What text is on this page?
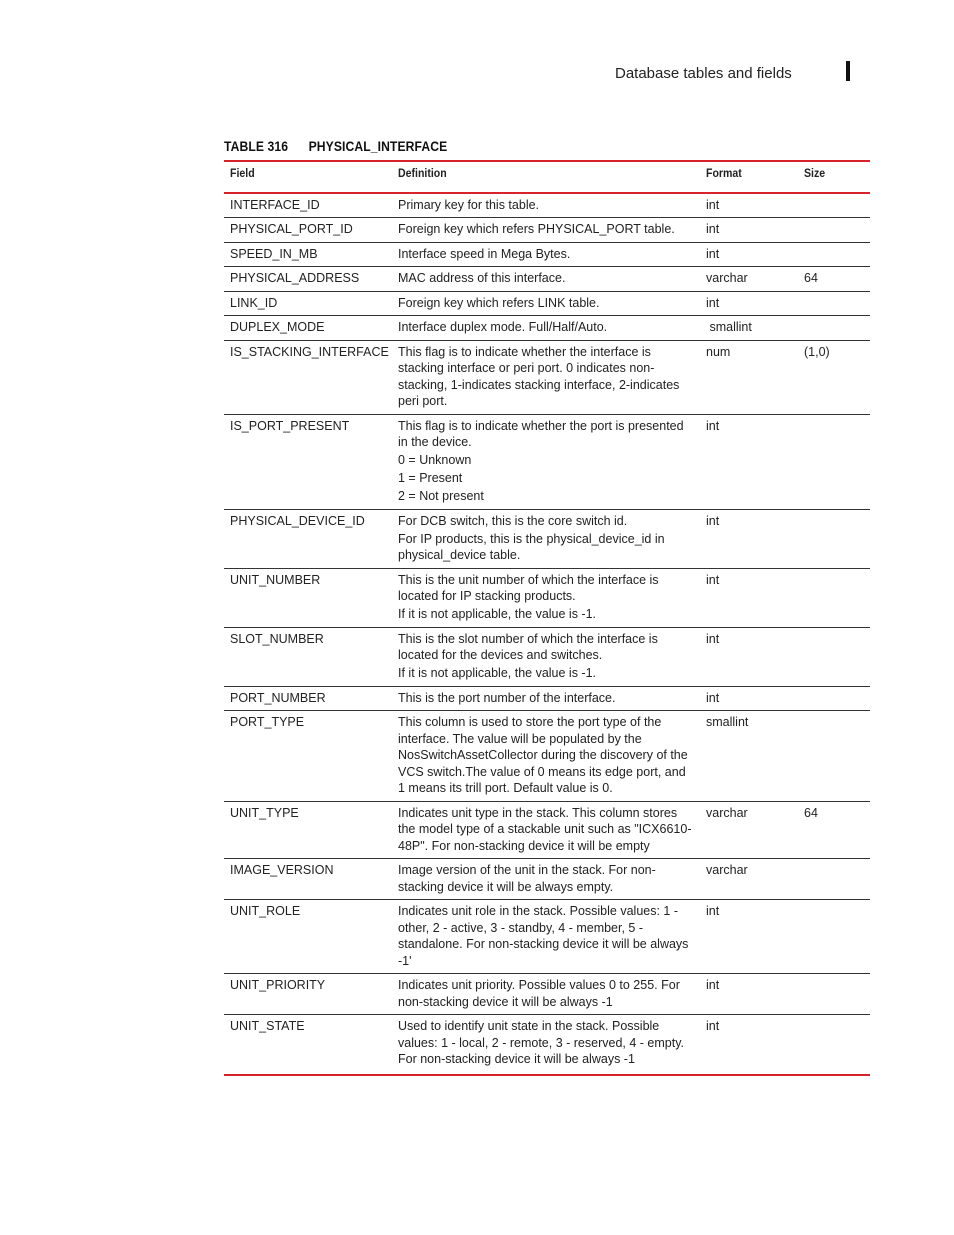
Database tables and fields
TABLE 316 PHYSICAL_INTERFACE
Field	Definition	Format	Size
INTERFACE_ID	Primary key for this table.	int	
PHYSICAL_PORT_ID	Foreign key which refers PHYSICAL_PORT table.	int	
SPEED_IN_MB	Interface speed in Mega Bytes.	int	
PHYSICAL_ADDRESS	MAC address of this interface.	varchar	64
LINK_ID	Foreign key which refers LINK table.	int	
DUPLEX_MODE	Interface duplex mode. Full/Half/Auto.	smallint	
IS_STACKING_INTERFACE	This flag is to indicate whether the interface is stacking interface or peri port. 0 indicates non-stacking, 1-indicates stacking interface, 2-indicates peri port.	num	(1,0)
IS_PORT_PRESENT	This flag is to indicate whether the port is presented in the device.
0 = Unknown
1 = Present
2 = Not present	int	
PHYSICAL_DEVICE_ID	For DCB switch, this is the core switch id.
For IP products, this is the physical_device_id in physical_device table.	int	
UNIT_NUMBER	This is the unit number of which the interface is located for IP stacking products.
If it is not applicable, the value is -1.	int	
SLOT_NUMBER	This is the slot number of which the interface is located for the devices and switches.
If it is not applicable, the value is -1.	int	
PORT_NUMBER	This is the port number of the interface.	int	
PORT_TYPE	This column is used to store the port type of the interface. The value will be populated by the NosSwitchAssetCollector during the discovery of the VCS switch.The value of 0 means its edge port, and 1 means its trill port. Default value is 0.	smallint	
UNIT_TYPE	Indicates unit type in the stack. This column stores the model type of a stackable unit such as "ICX6610-48P". For non-stacking device it will be empty	varchar	64
IMAGE_VERSION	Image version of the unit in the stack. For non-stacking device it will be always empty.	varchar	
UNIT_ROLE	Indicates unit role in the stack. Possible values: 1 - other, 2 - active, 3 - standby, 4 - member, 5 - standalone. For non-stacking device it will be always -1'	int	
UNIT_PRIORITY	Indicates unit priority. Possible values 0 to 255. For non-stacking device it will be always -1	int	
UNIT_STATE	Used to identify unit state in the stack. Possible values: 1 - local, 2 - remote, 3 - reserved, 4 - empty. For non-stacking device it will be always -1	int	
